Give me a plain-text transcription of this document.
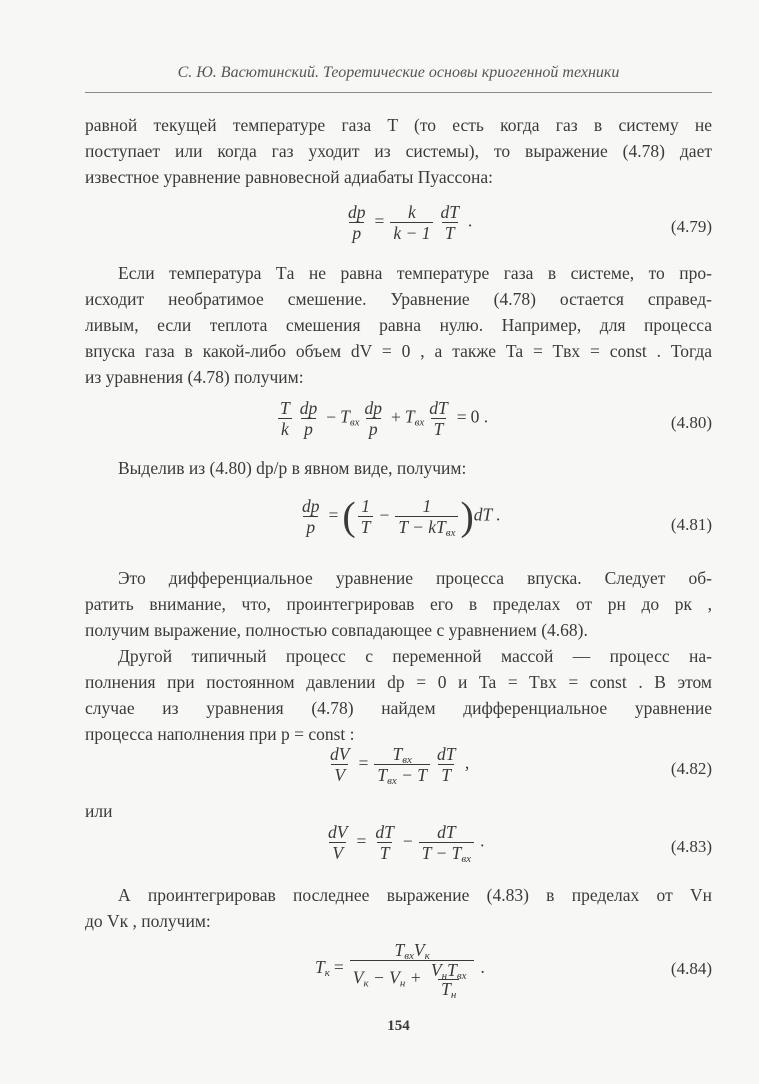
С. Ю. Васютинский. Теоретические основы криогенной техники
равной текущей температуре газа T (то есть когда газ в систему не
поступает или когда газ уходит из системы), то выражение (4.78) дает
известное уравнение равновесной адиабаты Пуассона:
$\frac{dp}{p} = \frac{k}{k - 1} \frac{dT}{T}$ .	(4.79)
Если температура Tа не равна температуре газа в системе, то про-
исходит необратимое смешение. Уравнение (4.78) остается справед-
ливым, если теплота смешения равна нулю. Например, для процесса
впуска газа в какой-либо объем dV = 0 , а также Ta = Tвх = const . Тогда
из уравнения (4.78) получим:
$\frac{T}{k} \frac{dp}{p} - T_{вх} \frac{dp}{p} + T_{вх} \frac{dT}{T} = 0$ .	(4.80)
Выделив из (4.80) dp/p в явном виде, получим:
$\frac{dp}{p}$ = ( $\frac{1}{T} - \frac{1}{T - kT_{вх}} )dT$ .	(4.81)
Это дифференциальное уравнение процесса впуска. Следует об-
ратить внимание, что, проинтегрировав его в пределах от pн до pк ,
получим выражение, полностью совпадающее с уравнением (4.68).
Другой типичный процесс с переменной массой — процесс на-
полнения при постоянном давлении dp = 0 и Ta = Tвх = const . В этом
случае из уравнения (4.78) найдем дифференциальное уравнение
процесса наполнения при p = const :
$\frac{dV}{V} = \frac{T_{вх}}{T_{вх} - T} \frac{dT}{T}$ ,	(4.82)
или
$\frac{dV}{V} = \frac{dT}{T} - \frac{dT}{T - T_{вх}}$ .	(4.83)
А проинтегрировав последнее выражение (4.83) в пределах от Vн
до Vк , получим:
$T_к = \frac{T_{вх}V_к}{V_к - V_н + \frac{V_нT_{вх}}{T_н}}$ .	(4.84)
154
